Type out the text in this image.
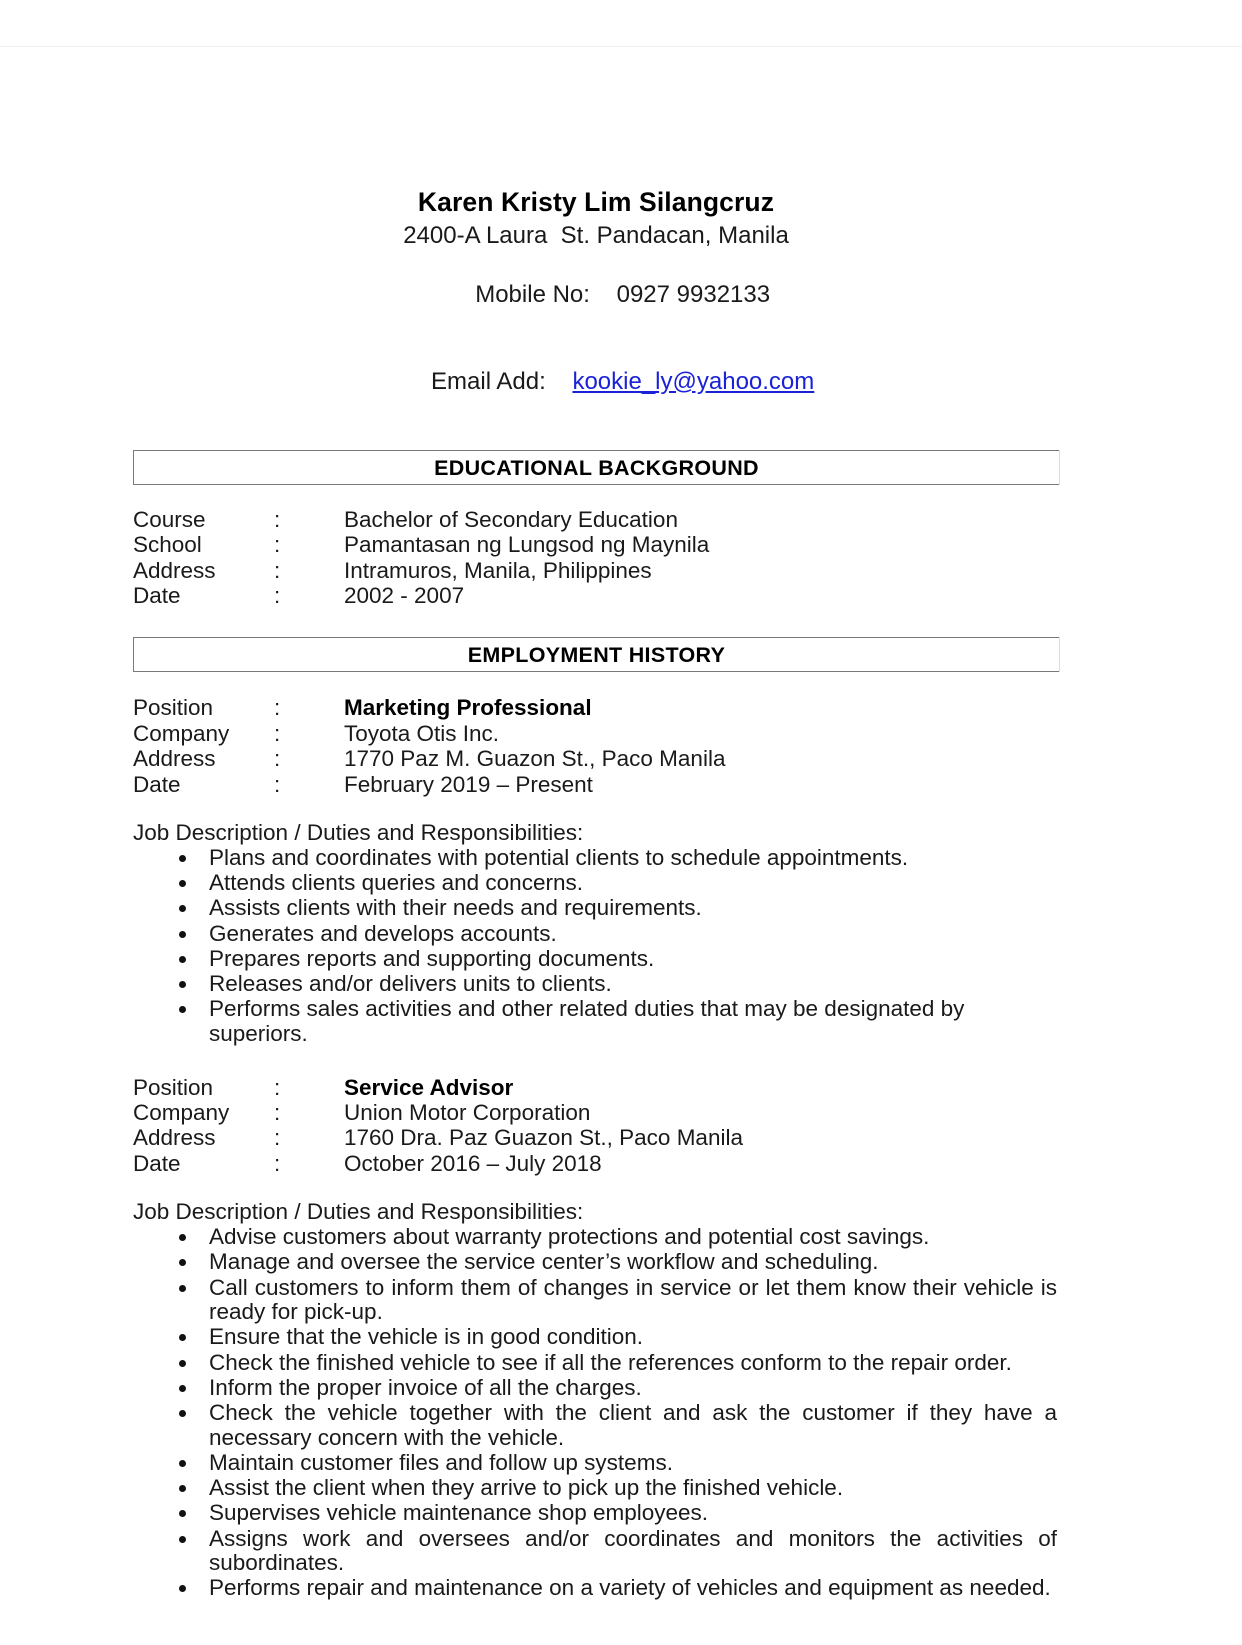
Karen Kristy Lim Silangcruz
2400-A Laura  St. Pandacan, Manila

Mobile No: 0927 9932133

Email Add: kookie_ly@yahoo.com

EDUCATIONAL BACKGROUND
Course	:	Bachelor of Secondary Education
School	:	Pamantasan ng Lungsod ng Maynila
Address	:	Intramuros, Manila, Philippines
Date	:	2002 - 2007
EMPLOYMENT HISTORY
Position	:	Marketing Professional
Company	:	Toyota Otis Inc.
Address	:	1770 Paz M. Guazon St., Paco Manila
Date	:	February 2019 – Present
Job Description / Duties and Responsibilities:
Plans and coordinates with potential clients to schedule appointments.
Attends clients queries and concerns.
Assists clients with their needs and requirements.
Generates and develops accounts.
Prepares reports and supporting documents.
Releases and/or delivers units to clients.
Performs sales activities and other related duties that may be designated by superiors.
Position	:	Service Advisor
Company	:	Union Motor Corporation
Address	:	1760 Dra. Paz Guazon St., Paco Manila
Date	:	October 2016 – July 2018
Job Description / Duties and Responsibilities:
Advise customers about warranty protections and potential cost savings.
Manage and oversee the service center’s workflow and scheduling.
Call customers to inform them of changes in service or let them know their vehicle is ready for pick-up.
Ensure that the vehicle is in good condition.
Check the finished vehicle to see if all the references conform to the repair order.
Inform the proper invoice of all the charges.
Check the vehicle together with the client and ask the customer if they have a necessary concern with the vehicle.
Maintain customer files and follow up systems.
Assist the client when they arrive to pick up the finished vehicle.
Supervises vehicle maintenance shop employees.
Assigns work and oversees and/or coordinates and monitors the activities of subordinates.
Performs repair and maintenance on a variety of vehicles and equipment as needed.
